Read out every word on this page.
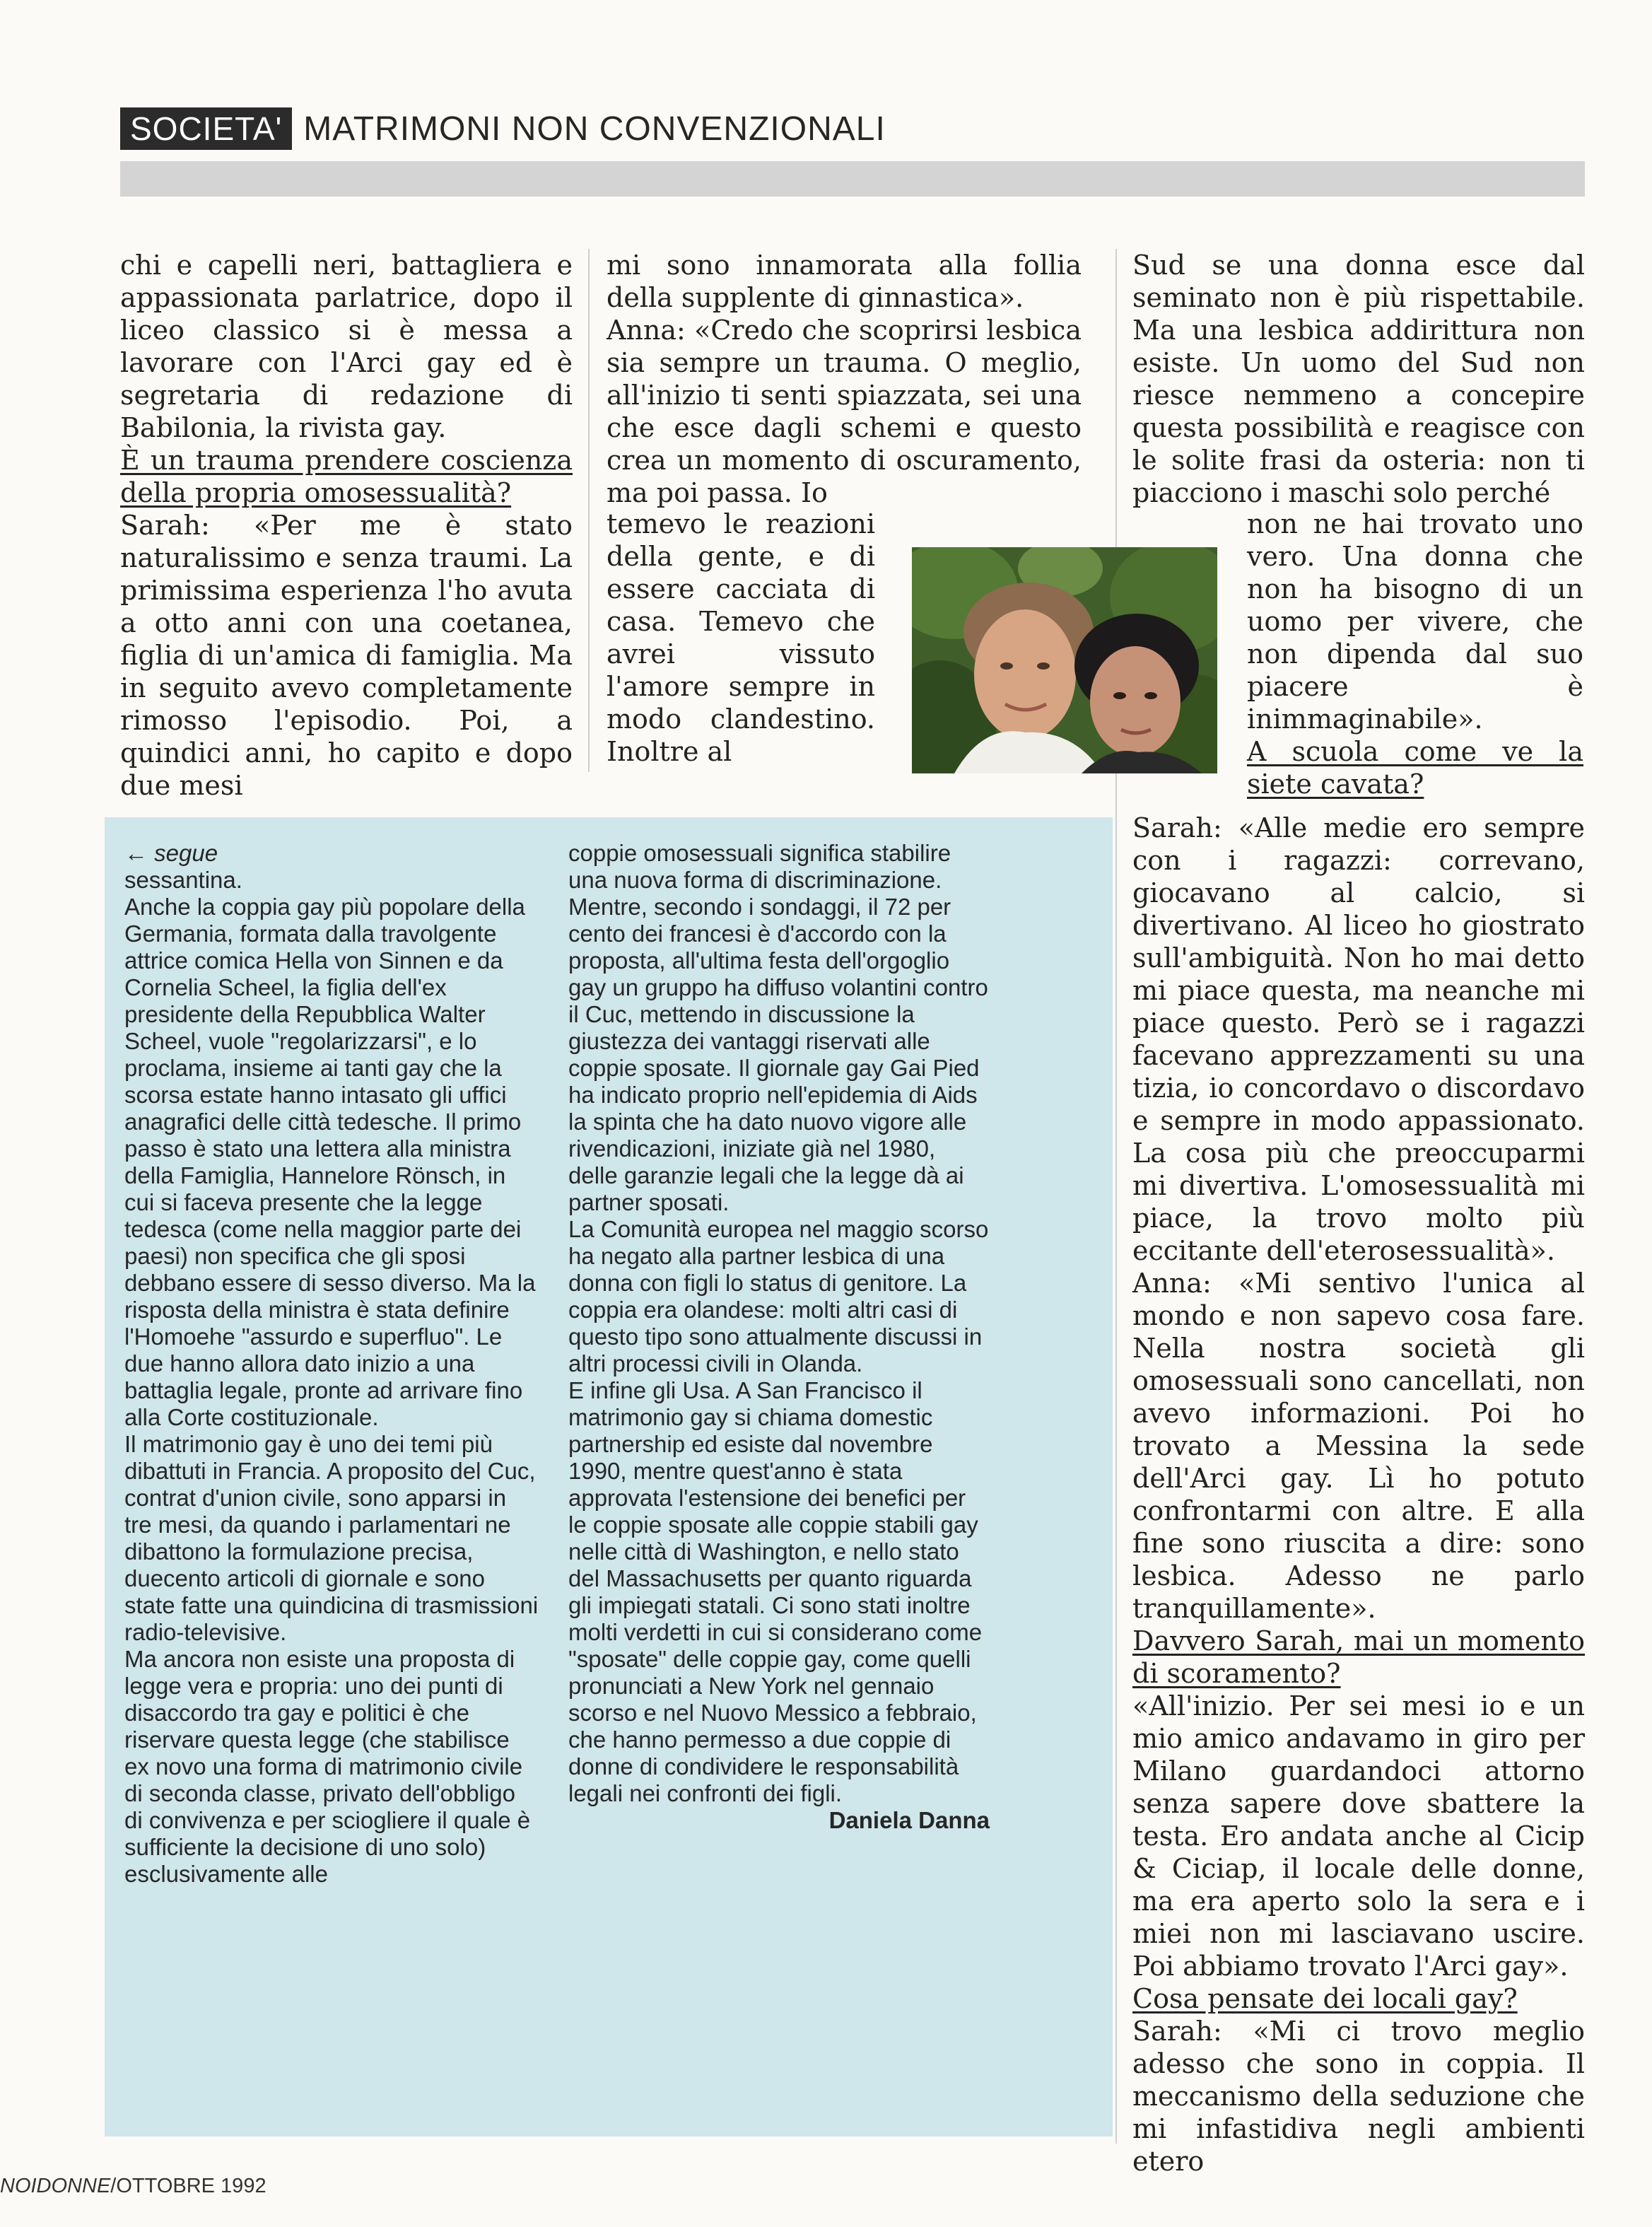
SOCIETA' MATRIMONI NON CONVENZIONALI

chi e capelli neri, battagliera e appassionata parlatrice, dopo il liceo classico si è messa a lavorare con l'Arci gay ed è segretaria di redazione di Babilonia, la rivista gay.

È un trauma prendere coscienza della propria omosessualità?

Sarah: «Per me è stato naturalissimo e senza traumi. La primissima esperienza l'ho avuta a otto anni con una coetanea, figlia di un'amica di famiglia. Ma in seguito avevo completamente rimosso l'episodio. Poi, a quindici anni, ho capito e dopo due mesi

mi sono innamorata alla follia della supplente di ginnastica».

Anna: «Credo che scoprirsi lesbica sia sempre un trauma. O meglio, all'inizio ti senti spiazzata, sei una che esce dagli schemi e questo crea un momento di oscuramento, ma poi passa. Io

temevo le reazioni della gente, e di essere cacciata di casa. Temevo che avrei vissuto l'amore sempre in modo clandestino. Inoltre al

Sud se una donna esce dal seminato non è più rispettabile. Ma una lesbica addirittura non esiste. Un uomo del Sud non riesce nemmeno a concepire questa possibilità e reagisce con le solite frasi da osteria: non ti piacciono i maschi solo perché

non ne hai trovato uno vero. Una donna che non ha bisogno di un uomo per vivere, che non dipenda dal suo piacere è inimmaginabile».

A scuola come ve la siete cavata?

Sarah: «Alle medie ero sempre con i ragazzi: correvano, giocavano al calcio, si divertivano. Al liceo ho giostrato sull'ambiguità. Non ho mai detto mi piace questa, ma neanche mi piace questo. Però se i ragazzi facevano apprezzamenti su una tizia, io concordavo o discordavo e sempre in modo appassionato. La cosa più che preoccuparmi mi divertiva. L'omosessualità mi piace, la trovo molto più eccitante dell'eterosessualità».

Anna: «Mi sentivo l'unica al mondo e non sapevo cosa fare. Nella nostra società gli omosessuali sono cancellati, non avevo informazioni. Poi ho trovato a Messina la sede dell'Arci gay. Lì ho potuto confrontarmi con altre. E alla fine sono riuscita a dire: sono lesbica. Adesso ne parlo tranquillamente».

Davvero Sarah, mai un momento di scoramento?

«All'inizio. Per sei mesi io e un mio amico andavamo in giro per Milano guardandoci attorno senza sapere dove sbattere la testa. Ero andata anche al Cicip & Ciciap, il locale delle donne, ma era aperto solo la sera e i miei non mi lasciavano uscire. Poi abbiamo trovato l'Arci gay».

Cosa pensate dei locali gay?

Sarah: «Mi ci trovo meglio adesso che sono in coppia. Il meccanismo della seduzione che mi infastidiva negli ambienti etero

← segue

sessantina.

Anche la coppia gay più popolare della Germania, formata dalla travolgente attrice comica Hella von Sinnen e da Cornelia Scheel, la figlia dell'ex presidente della Repubblica Walter Scheel, vuole "regolarizzarsi", e lo proclama, insieme ai tanti gay che la scorsa estate hanno intasato gli uffici anagrafici delle città tedesche. Il primo passo è stato una lettera alla ministra della Famiglia, Hannelore Rönsch, in cui si faceva presente che la legge tedesca (come nella maggior parte dei paesi) non specifica che gli sposi debbano essere di sesso diverso. Ma la risposta della ministra è stata definire l'Homoehe "assurdo e superfluo". Le due hanno allora dato inizio a una battaglia legale, pronte ad arrivare fino alla Corte costituzionale.

Il matrimonio gay è uno dei temi più dibattuti in Francia. A proposito del Cuc, contrat d'union civile, sono apparsi in tre mesi, da quando i parlamentari ne dibattono la formulazione precisa, duecento articoli di giornale e sono state fatte una quindicina di trasmissioni radio-televisive.

Ma ancora non esiste una proposta di legge vera e propria: uno dei punti di disaccordo tra gay e politici è che riservare questa legge (che stabilisce ex novo una forma di matrimonio civile di seconda classe, privato dell'obbligo di convivenza e per sciogliere il quale è sufficiente la decisione di uno solo) esclusivamente alle

coppie omosessuali significa stabilire una nuova forma di discriminazione.

Mentre, secondo i sondaggi, il 72 per cento dei francesi è d'accordo con la proposta, all'ultima festa dell'orgoglio gay un gruppo ha diffuso volantini contro il Cuc, mettendo in discussione la giustezza dei vantaggi riservati alle coppie sposate. Il giornale gay Gai Pied ha indicato proprio nell'epidemia di Aids la spinta che ha dato nuovo vigore alle rivendicazioni, iniziate già nel 1980, delle garanzie legali che la legge dà ai partner sposati.

La Comunità europea nel maggio scorso ha negato alla partner lesbica di una donna con figli lo status di genitore. La coppia era olandese: molti altri casi di questo tipo sono attualmente discussi in altri processi civili in Olanda.

E infine gli Usa. A San Francisco il matrimonio gay si chiama domestic partnership ed esiste dal novembre 1990, mentre quest'anno è stata approvata l'estensione dei benefici per le coppie sposate alle coppie stabili gay nelle città di Washington, e nello stato del Massachusetts per quanto riguarda gli impiegati statali. Ci sono stati inoltre molti verdetti in cui si considerano come "sposate" delle coppie gay, come quelli pronunciati a New York nel gennaio scorso e nel Nuovo Messico a febbraio, che hanno permesso a due coppie di donne di condividere le responsabilità legali nei confronti dei figli.

Daniela Danna

NOIDONNE/OTTOBRE 1992
